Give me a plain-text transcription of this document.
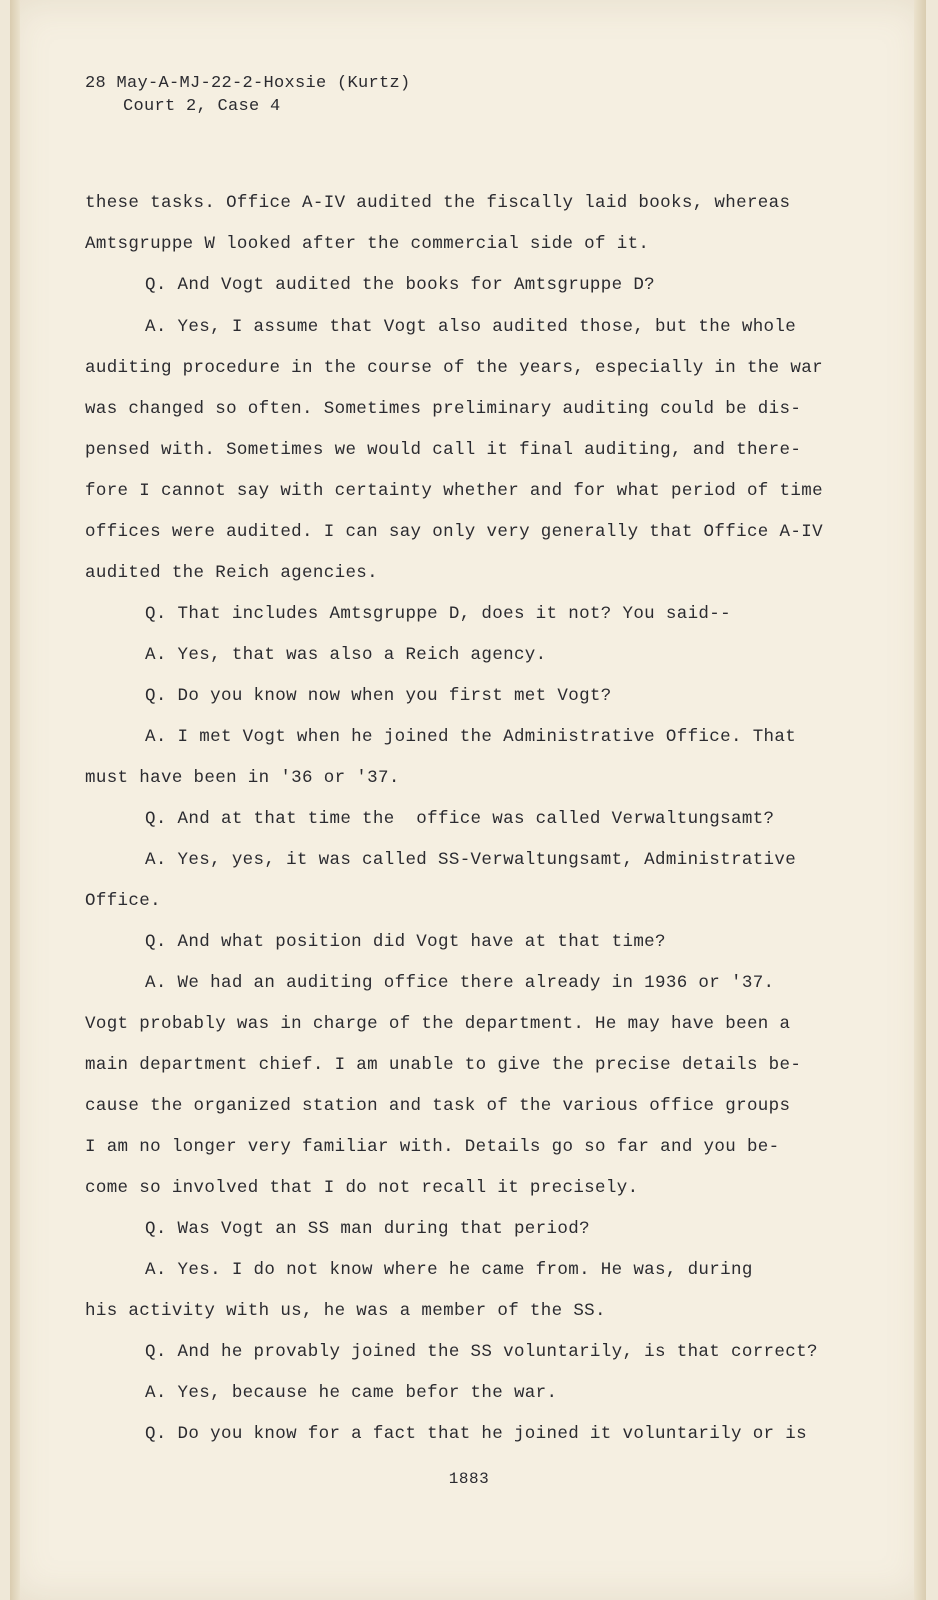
28 May-A-MJ-22-2-Hoxsie (Kurtz)
Court 2, Case 4
these tasks. Office A-IV audited the fiscally laid books, whereas
Amtsgruppe W looked after the commercial side of it.
Q. And Vogt audited the books for Amtsgruppe D?
A. Yes, I assume that Vogt also audited those, but the whole
auditing procedure in the course of the years, especially in the war
was changed so often. Sometimes preliminary auditing could be dis-
pensed with. Sometimes we would call it final auditing, and there-
fore I cannot say with certainty whether and for what period of time
offices were audited. I can say only very generally that Office A-IV
audited the Reich agencies.
Q. That includes Amtsgruppe D, does it not? You said--
A. Yes, that was also a Reich agency.
Q. Do you know now when you first met Vogt?
A. I met Vogt when he joined the Administrative Office. That
must have been in '36 or '37.
Q. And at that time the  office was called Verwaltungsamt?
A. Yes, yes, it was called SS-Verwaltungsamt, Administrative
Office.
Q. And what position did Vogt have at that time?
A. We had an auditing office there already in 1936 or '37.
Vogt probably was in charge of the department. He may have been a
main department chief. I am unable to give the precise details be-
cause the organized station and task of the various office groups
I am no longer very familiar with. Details go so far and you be-
come so involved that I do not recall it precisely.
Q. Was Vogt an SS man during that period?
A. Yes. I do not know where he came from. He was, during
his activity with us, he was a member of the SS.
Q. And he provably joined the SS voluntarily, is that correct?
A. Yes, because he came befor the war.
Q. Do you know for a fact that he joined it voluntarily or is
1883
